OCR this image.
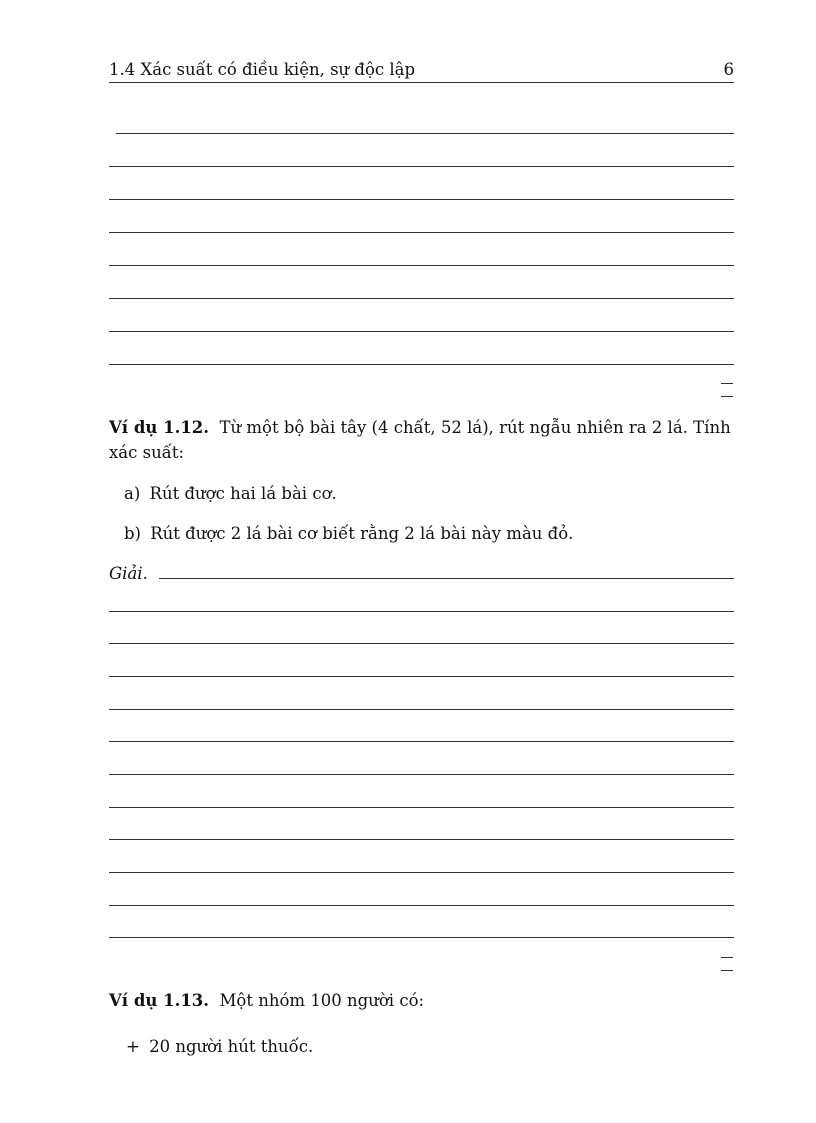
1.4 Xác suất có điều kiện, sự độc lập	6
Ví dụ 1.12. Từ một bộ bài tây (4 chất, 52 lá), rút ngẫu nhiên ra 2 lá. Tính
xác suất:
a) Rút được hai lá bài cơ.
b) Rút được 2 lá bài cơ biết rằng 2 lá bài này màu đỏ.
Giải.
Ví dụ 1.13. Một nhóm 100 người có:
+ 20 người hút thuốc.
